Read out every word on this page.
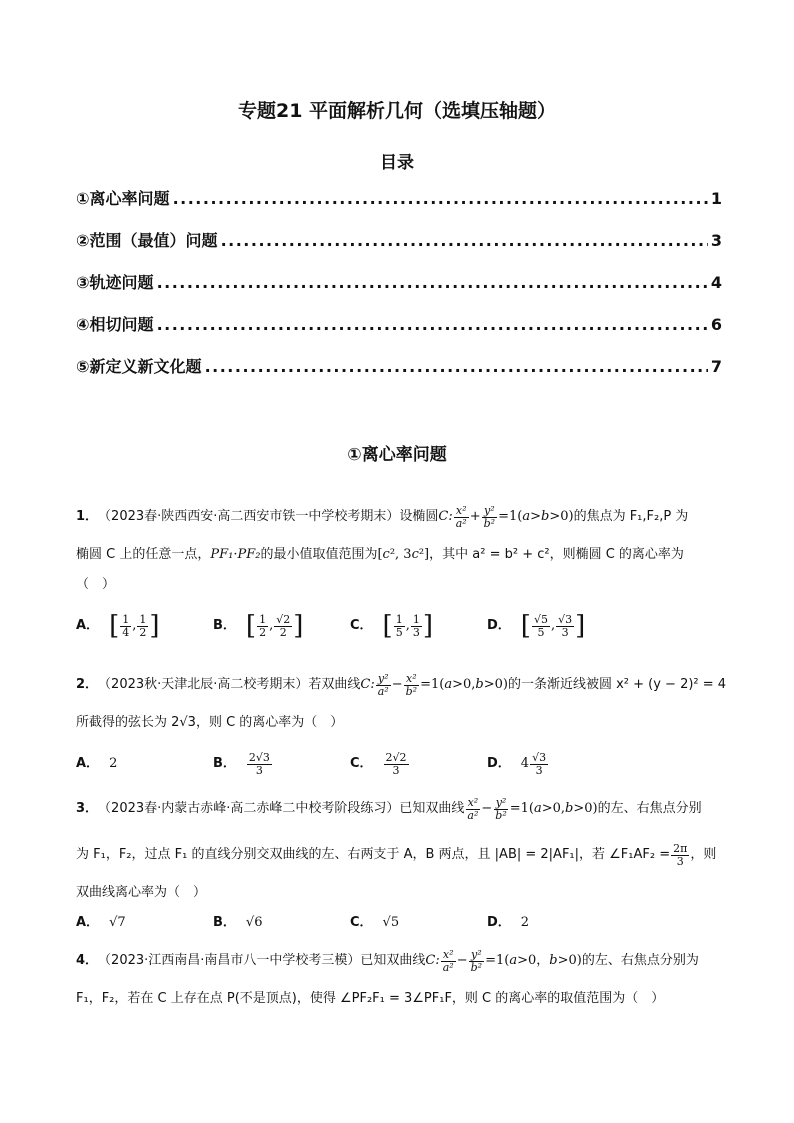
专题21 平面解析几何（选填压轴题）
目录
①离心率问题 .....	1
②范围（最值）问题 .....	3
③轨迹问题 .....	4
④相切问题 .....	6
⑤新定义新文化题 .....	7
①离心率问题
1． （2023春·陕西西安·高二西安市铁一中学校考期末）设椭圆 C: $\frac{\text{x²}}{\text{a²}} + \frac{\text{y²}}{\text{b²}} =1(a>b>0)$ 的焦点为 F₁,F₂,P 为
椭圆 C 上的任意一点， PF₁·PF₂ 的最小值取值范围为 [c², 3c²] ，其中 a² = b² + c²，则椭圆 C 的离心率为
（　）
A． [ $\frac{1}{4}$ , $\frac{1}{2}$ ]	B． [ $\frac{1}{2}$ , $\frac{√2}{2}$ ]	C． [ $\frac{1}{5}$ , $\frac{1}{3}$ ]	D． [ $\frac{√5}{5}$ , $\frac{√3}{3}$ ]
2． （2023秋·天津北辰·高二校考期末）若双曲线 C: $\frac{\text{y²}}{\text{a²}} - \frac{\text{x²}}{\text{b²}} =1(a>0,b>0)$ 的一条渐近线被圆 x² + (y − 2)² = 4
所截得的弦长为 2√3，则 C 的离心率为（　）
A． 2	B． $\frac{2√3}{3}$	C． $\frac{2√2}{3}$	D． $4 \frac{√3}{3}$
3． （2023春·内蒙古赤峰·高二赤峰二中校考阶段练习）已知双曲线 $\frac{\text{x²}}{\text{a²}} - \frac{\text{y²}}{\text{b²}} =1(a>0,b>0)$ 的左、右焦点分别
为 F₁，F₂，过点 F₁ 的直线分别交双曲线的左、右两支于 A，B 两点，且 |AB| = 2|AF₁|，若 ∠F₁AF₂ = $\frac{2\pi}{3}$ ，则
双曲线离心率为（　）
A． √7	B． √6	C． √5	D． 2
4． （2023·江西南昌·南昌市八一中学校考三模）已知双曲线 C: $\frac{\text{x²}}{\text{a²}} - \frac{\text{y²}}{\text{b²}} =1(a>0$，b>0) 的左、右焦点分别为
F₁，F₂，若在 C 上存在点 P(不是顶点)，使得 ∠PF₂F₁ = 3∠PF₁F，则 C 的离心率的取值范围为（　）
